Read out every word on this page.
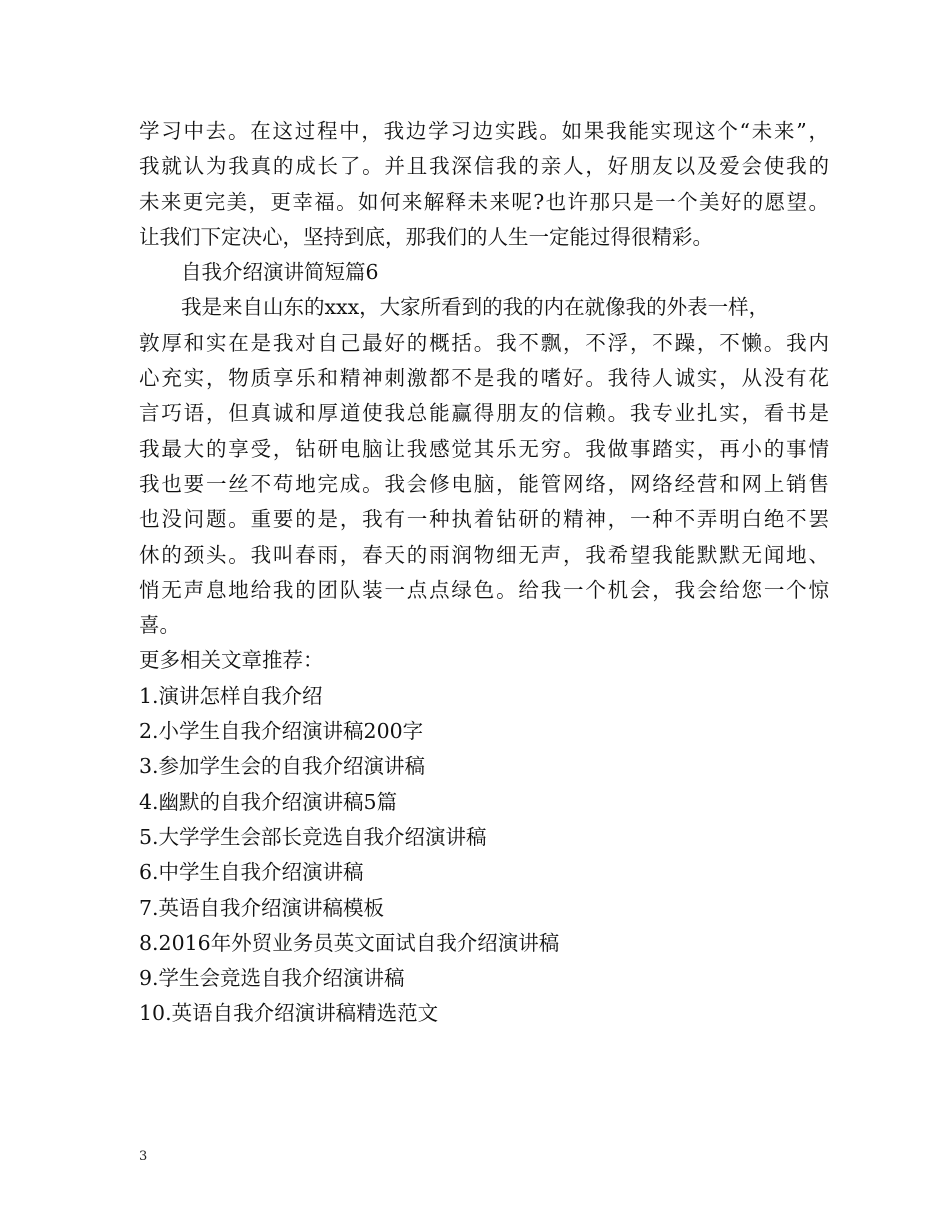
学习中去。在这过程中，我边学习边实践。如果我能实现这个“未来”，
我就认为我真的成长了。并且我深信我的亲人，好朋友以及爱会使我的
未来更完美，更幸福。如何来解释未来呢?也许那只是一个美好的愿望。
让我们下定决心，坚持到底，那我们的人生一定能过得很精彩。
自我介绍演讲简短篇6
我是来自山东的xxx，大家所看到的我的内在就像我的外表一样，
敦厚和实在是我对自己最好的概括。我不飘，不浮，不躁，不懒。我内
心充实，物质享乐和精神刺激都不是我的嗜好。我待人诚实，从没有花
言巧语，但真诚和厚道使我总能赢得朋友的信赖。我专业扎实，看书是
我最大的享受，钻研电脑让我感觉其乐无穷。我做事踏实，再小的事情
我也要一丝不苟地完成。我会修电脑，能管网络，网络经营和网上销售
也没问题。重要的是，我有一种执着钻研的精神，一种不弄明白绝不罢
休的颈头。我叫春雨，春天的雨润物细无声，我希望我能默默无闻地、
悄无声息地给我的团队装一点点绿色。给我一个机会，我会给您一个惊
喜。
更多相关文章推荐：
1.演讲怎样自我介绍
2.小学生自我介绍演讲稿200字
3.参加学生会的自我介绍演讲稿
4.幽默的自我介绍演讲稿5篇
5.大学学生会部长竞选自我介绍演讲稿
6.中学生自我介绍演讲稿
7.英语自我介绍演讲稿模板
8.2016年外贸业务员英文面试自我介绍演讲稿
9.学生会竞选自我介绍演讲稿
10.英语自我介绍演讲稿精选范文
3
